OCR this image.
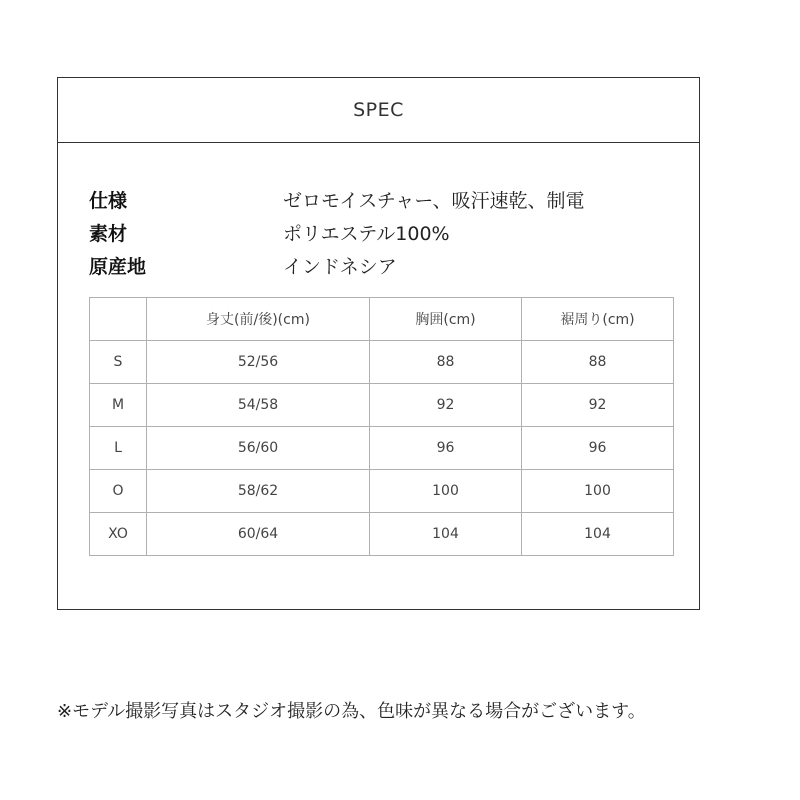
SPEC
仕様	ゼロモイスチャー、吸汗速乾、制電
素材	ポリエステル100%
原産地	インドネシア
	身丈(前/後)(cm)	胸囲(cm)	裾周り(cm)
S	52/56	88	88
M	54/58	92	92
L	56/60	96	96
O	58/62	100	100
XO	60/64	104	104
※モデル撮影写真はスタジオ撮影の為、色味が異なる場合がございます。
